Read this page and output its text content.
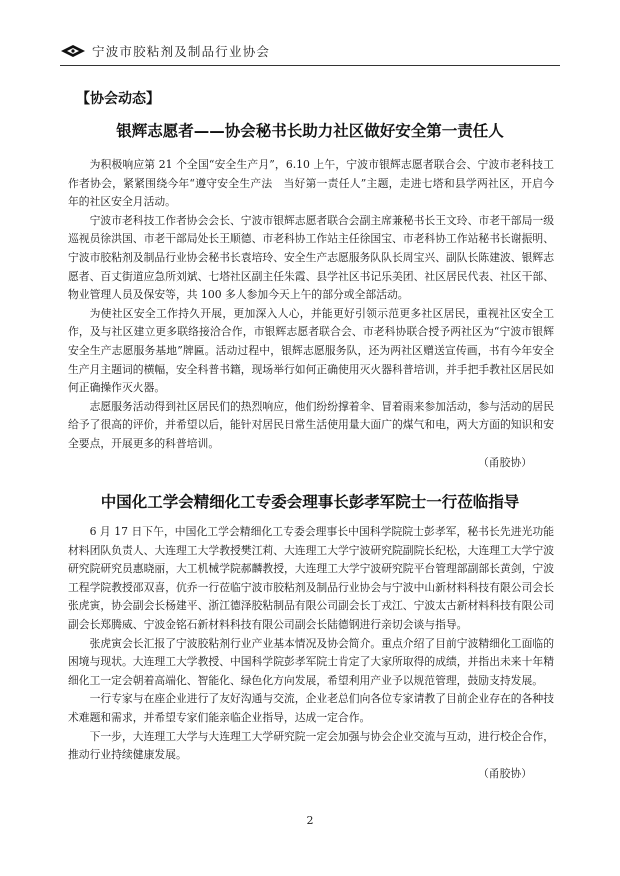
宁波市胶粘剂及制品行业协会
【协会动态】
银辉志愿者——协会秘书长助力社区做好安全第一责任人

为积极响应第 21 个全国“安全生产月”，6.10 上午，宁波市银辉志愿者联合会、宁波市老科技工作者协会，紧紧围绕今年“遵守安全生产法　当好第一责任人”主题，走进七塔和县学两社区，开启今年的社区安全月活动。

宁波市老科技工作者协会会长、宁波市银辉志愿者联合会副主席兼秘书长王文玲、市老干部局一级巡视员徐洪国、市老干部局处长王顺德、市老科协工作站主任徐国宝、市老科协工作站秘书长谢振明、宁波市胶粘剂及制品行业协会秘书长袁培玲、安全生产志愿服务队队长周宝兴、副队长陈建波、银辉志愿者、百丈街道应急所刘斌、七塔社区副主任朱霞、县学社区书记乐美团、社区居民代表、社区干部、物业管理人员及保安等，共 100 多人参加今天上午的部分或全部活动。

为使社区安全工作持久开展，更加深入人心，并能更好引领示范更多社区居民，重视社区安全工作，及与社区建立更多联络接洽合作，市银辉志愿者联合会、市老科协联合授予两社区为“宁波市银辉安全生产志愿服务基地”牌匾。活动过程中，银辉志愿服务队，还为两社区赠送宣传画，书有今年安全生产月主题词的横幅，安全科普书籍，现场举行如何正确使用灭火器科普培训，并手把手教社区居民如何正确操作灭火器。

志愿服务活动得到社区居民们的热烈响应，他们纷纷撑着伞、冒着雨来参加活动，参与活动的居民给予了很高的评价，并希望以后，能针对居民日常生活使用量大面广的煤气和电，两大方面的知识和安全要点，开展更多的科普培训。
（甬胶协）

中国化工学会精细化工专委会理事长彭孝军院士一行莅临指导

6 月 17 日下午，中国化工学会精细化工专委会理事长中国科学院院士彭孝军，秘书长先进光功能材料团队负责人、大连理工大学教授樊江莉、大连理工大学宁波研究院副院长纪松，大连理工大学宁波研究院研究员惠晓丽，大工机械学院郝麟教授，大连理工大学宁波研究院平台管理部副部长黄剑，宁波工程学院教授邵双喜，伉乔一行莅临宁波市胶粘剂及制品行业协会与宁波中山新材料科技有限公司会长张虎寅，协会副会长杨建平、浙江德泽胶粘制品有限公司副会长丁戎江、宁波太古新材料科技有限公司副会长郑腾威、宁波金铭石新材料科技有限公司副会长陆德钢进行亲切会谈与指导。

张虎寅会长汇报了宁波胶粘剂行业产业基本情况及协会简介。重点介绍了目前宁波精细化工面临的困境与现状。大连理工大学教授、中国科学院彭孝军院士肯定了大家所取得的成绩，并指出未来十年精细化工一定会朝着高端化、智能化、绿色化方向发展，希望利用产业予以规范管理，鼓励支持发展。

一行专家与在座企业进行了友好沟通与交流，企业老总们向各位专家请教了目前企业存在的各种技术难题和需求，并希望专家们能亲临企业指导，达成一定合作。

下一步，大连理工大学与大连理工大学研究院一定会加强与协会企业交流与互动，进行校企合作，推动行业持续健康发展。
（甬胶协）

2
